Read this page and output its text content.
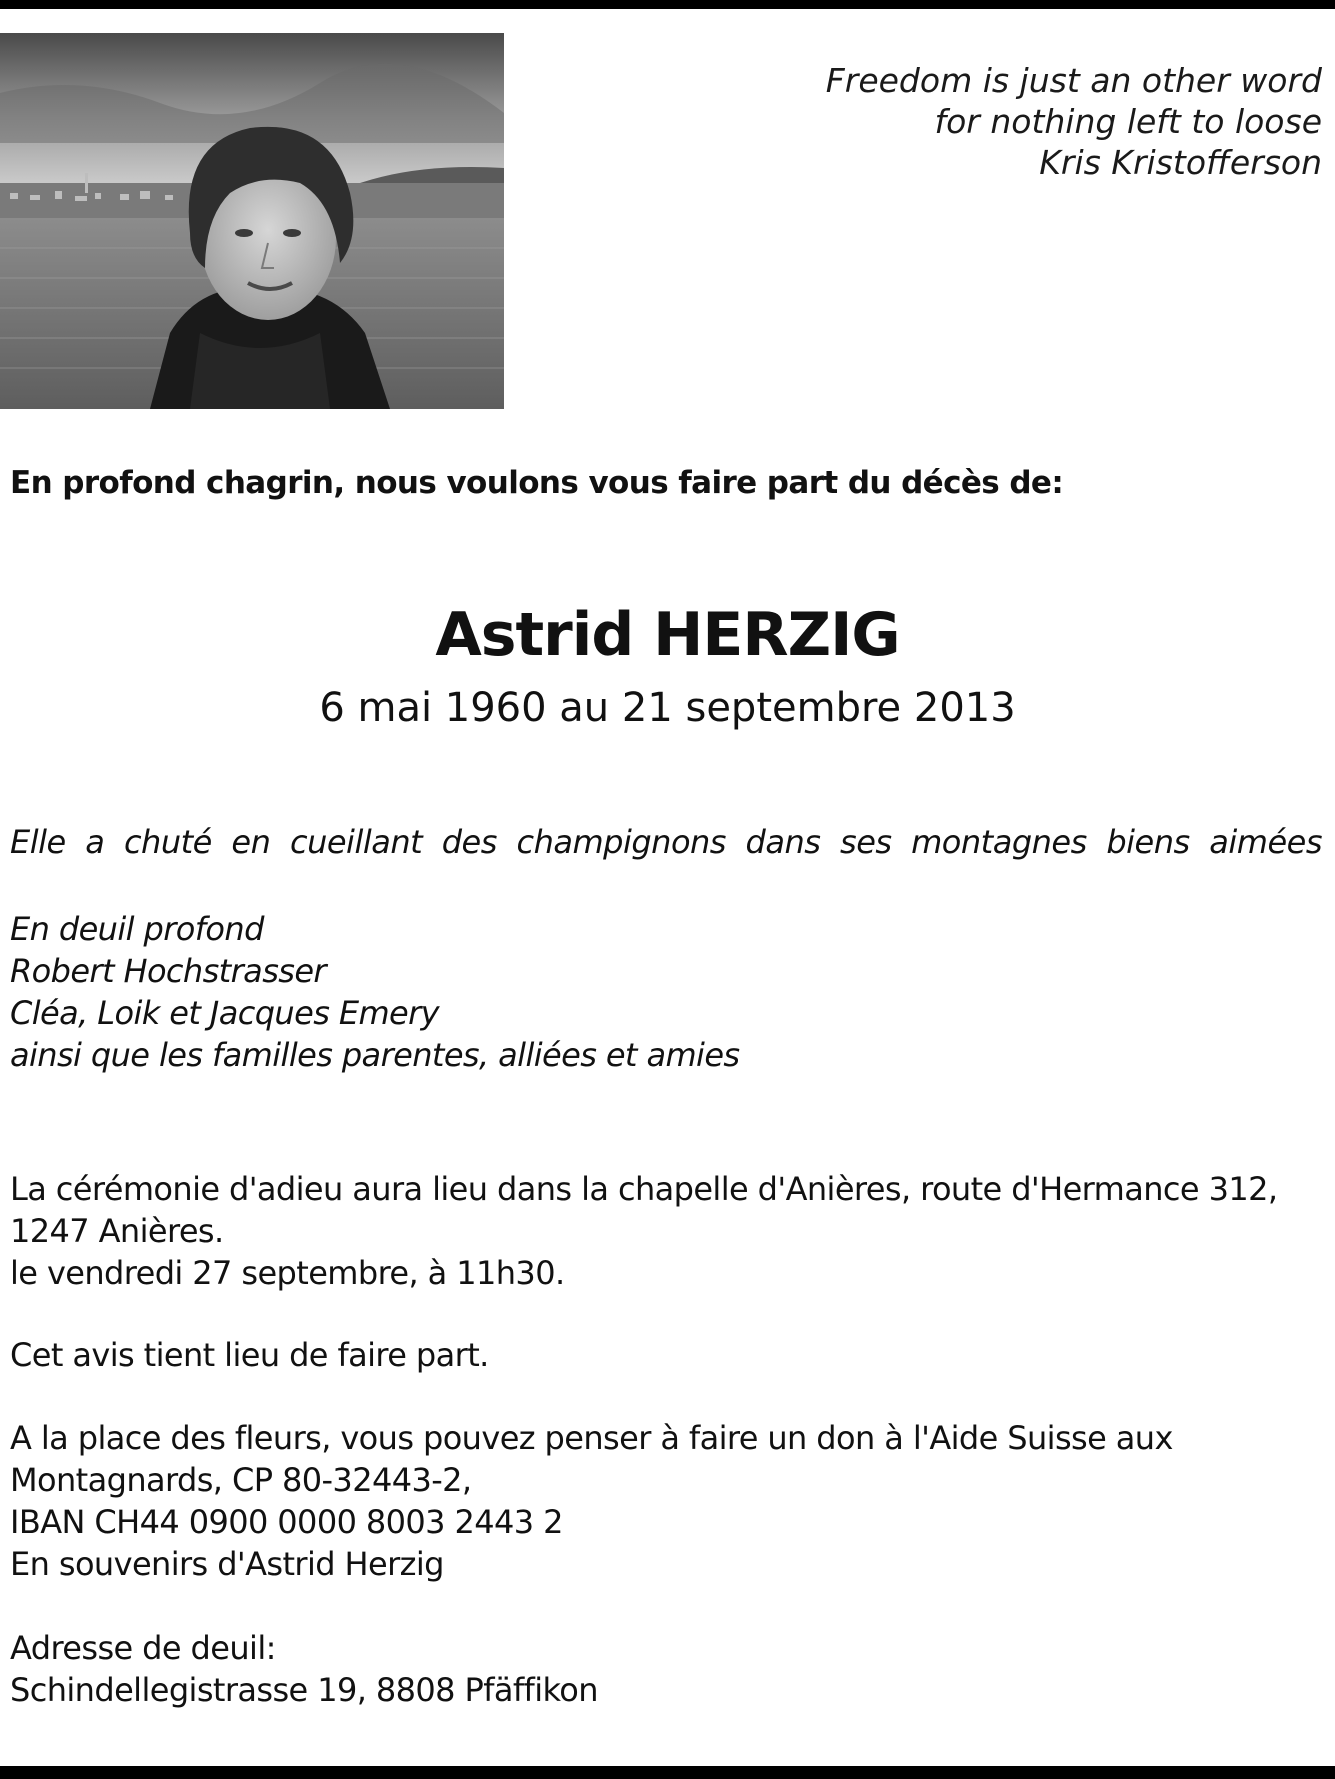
Freedom is just an other word
for nothing left to loose
Kris Kristofferson
En profond chagrin, nous voulons vous faire part du décès de:
Astrid HERZIG
6 mai 1960 au 21 septembre 2013
Elle a chuté en cueillant des champignons dans ses montagnes biens aimées
En deuil profond
Robert Hochstrasser
Cléa, Loik et Jacques Emery
ainsi que les familles parentes, alliées et amies
La cérémonie d'adieu aura lieu dans la chapelle d'Anières, route d'Hermance 312,
1247 Anières.
le vendredi 27 septembre, à 11h30.
Cet avis tient lieu de faire part.
A la place des fleurs, vous pouvez penser à faire un don à l'Aide Suisse aux
Montagnards, CP 80-32443-2,
IBAN CH44 0900 0000 8003 2443 2
En souvenirs d'Astrid Herzig
Adresse de deuil:
Schindellegistrasse 19, 8808 Pfäffikon
